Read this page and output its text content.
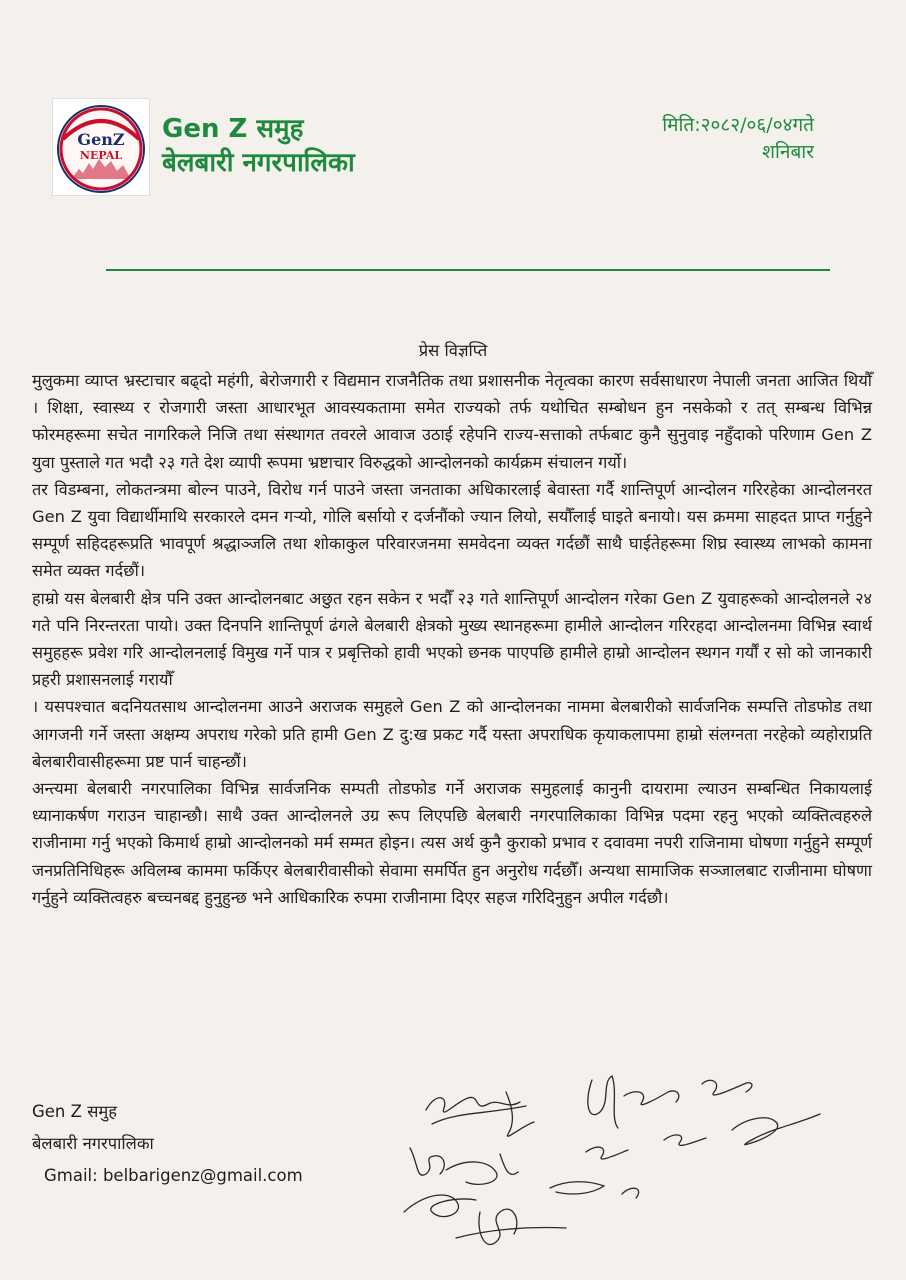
GenZ
NEPAL
Gen Z समुह
बेलबारी नगरपालिका
मिति:२०८२/०६/०४गते
शनिबार
प्रेस विज्ञप्ति

मुलुकमा व्याप्त भ्रस्टाचार बढ्दो महंगी, बेरोजगारी र विद्यमान राजनैतिक तथा प्रशासनीक नेतृत्वका कारण सर्वसाधारण नेपाली जनता आजित थियौँ । शिक्षा, स्वास्थ्य र रोजगारी जस्ता आधारभूत आवस्यकतामा समेत राज्यको तर्फ यथोचित सम्बोधन हुन नसकेको र तत् सम्बन्ध विभिन्न फोरमहरूमा सचेत नागरिकले निजि तथा संस्थागत तवरले आवाज उठाई रहेपनि राज्य-सत्ताको तर्फबाट कुनै सुनुवाइ नहुँदाको परिणाम Gen Z युवा पुस्ताले गत भदौ २३ गते देश व्यापी रूपमा भ्रष्टाचार विरुद्धको आन्दोलनको कार्यक्रम संचालन गर्यो।

तर विडम्बना, लोकतन्त्रमा बोल्न पाउने, विरोध गर्न पाउने जस्ता जनताका अधिकारलाई बेवास्ता गर्दै शान्तिपूर्ण आन्दोलन गरिरहेका आन्दोलनरत Gen Z युवा विद्यार्थीमाथि सरकारले दमन गर्‍यो, गोलि बर्सायो र दर्जनौंको ज्यान लियो, सयौँलाई घाइते बनायो। यस क्रममा साहदत प्राप्त गर्नुहुने सम्पूर्ण सहिदहरूप्रति भावपूर्ण श्रद्धाञ्जलि तथा शोकाकुल परिवारजनमा समवेदना व्यक्त गर्दछौं साथै घाईतेहरूमा शिघ्र स्वास्थ्य लाभको कामना समेत व्यक्त गर्दछौं।

हाम्रो यस बेलबारी क्षेत्र पनि उक्त आन्दोलनबाट अछुत रहन सकेन र भदौँ २३ गते शान्तिपूर्ण आन्दोलन गरेका Gen Z युवाहरूको आन्दोलनले २४ गते पनि निरन्तरता पायो। उक्त दिनपनि शान्तिपूर्ण ढंगले बेलबारी क्षेत्रको मुख्य स्थानहरूमा हामीले आन्दोलन गरिरहदा आन्दोलनमा विभिन्न स्वार्थ समुहहरू प्रवेश गरि आन्दोलनलाई विमुख गर्ने पात्र र प्रबृत्तिको हावी भएको छनक पाएपछि हामीले हाम्रो आन्दोलन स्थगन गर्यौं र सो को जानकारी प्रहरी प्रशासनलाई गरायौँ

। यसपश्चात बदनियतसाथ आन्दोलनमा आउने अराजक समुहले Gen Z को आन्दोलनका नाममा बेलबारीको सार्वजनिक सम्पत्ति तोडफोड तथा आगजनी गर्ने जस्ता अक्षम्य अपराध गरेको प्रति हामी Gen Z दु:ख प्रकट गर्दै यस्ता अपराधिक कृयाकलापमा हाम्रो संलग्नता नरहेको व्यहोराप्रति बेलबारीवासीहरूमा प्रष्ट पार्न चाहन्छौं।

अन्त्यमा बेलबारी नगरपालिका विभिन्न सार्वजनिक सम्पती तोडफोड गर्ने अराजक समुहलाई कानुनी दायरामा ल्याउन सम्बन्धित निकायलाई ध्यानाकर्षण गराउन चाहान्छौ। साथै उक्त आन्दोलनले उग्र रूप लिएपछि बेलबारी नगरपालिकाका विभिन्न पदमा रहनु भएको व्यक्तित्वहरुले राजीनामा गर्नु भएको किमार्थ हाम्रो आन्दोलनको मर्म सम्मत होइन। त्यस अर्थ कुनै कुराको प्रभाव र दवावमा नपरी राजिनामा घोषणा गर्नुहुने सम्पूर्ण जनप्रतिनिधिहरू अविलम्ब काममा फर्किएर बेलबारीवासीको सेवामा समर्पित हुन अनुरोध गर्दछौँ। अन्यथा सामाजिक सञ्जालबाट राजीनामा घोषणा गर्नुहुने व्यक्तित्वहरु बच्चनबद्द हुनुहुन्छ भने आधिकारिक रुपमा राजीनामा दिएर सहज गरिदिनुहुन अपील गर्दछौ।

Gen Z समुह
बेलबारी नगरपालिका
Gmail: belbarigenz@gmail.com
